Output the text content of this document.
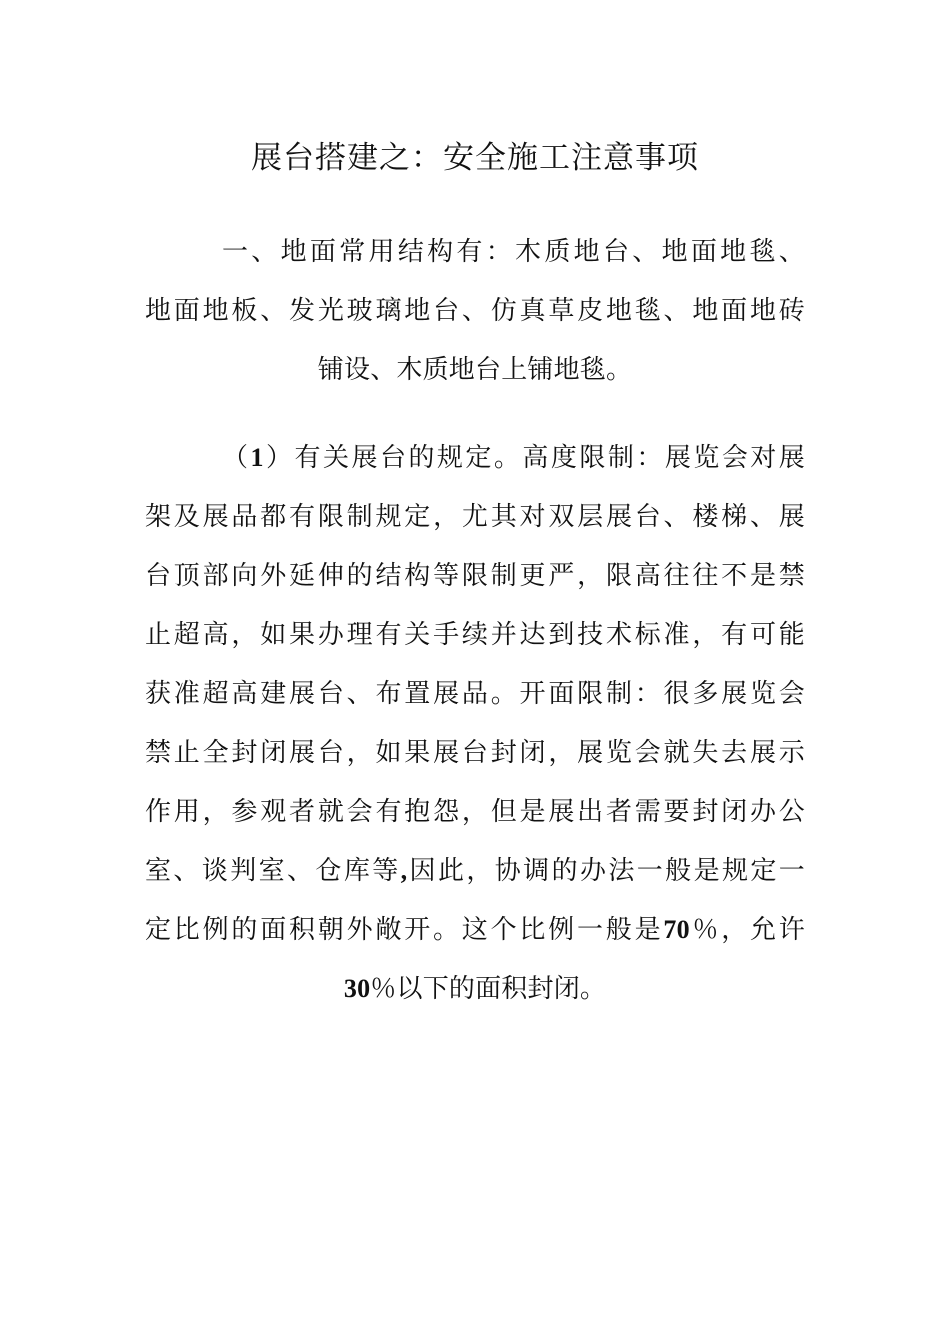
展台搭建之：安全施工注意事项
一、地面常用结构有：木质地台、地面地毯、
地面地板、发光玻璃地台、仿真草皮地毯、地面地砖
铺设、木质地台上铺地毯。
（1）有关展台的规定。高度限制：展览会对展
架及展品都有限制规定，尤其对双层展台、楼梯、展
台顶部向外延伸的结构等限制更严，限高往往不是禁
止超高，如果办理有关手续并达到技术标准，有可能
获准超高建展台、布置展品。开面限制：很多展览会
禁止全封闭展台，如果展台封闭，展览会就失去展示
作用，参观者就会有抱怨，但是展出者需要封闭办公
室、谈判室、仓库等,因此，协调的办法一般是规定一
定比例的面积朝外敞开。这个比例一般是70％，允许
30％以下的面积封闭。
